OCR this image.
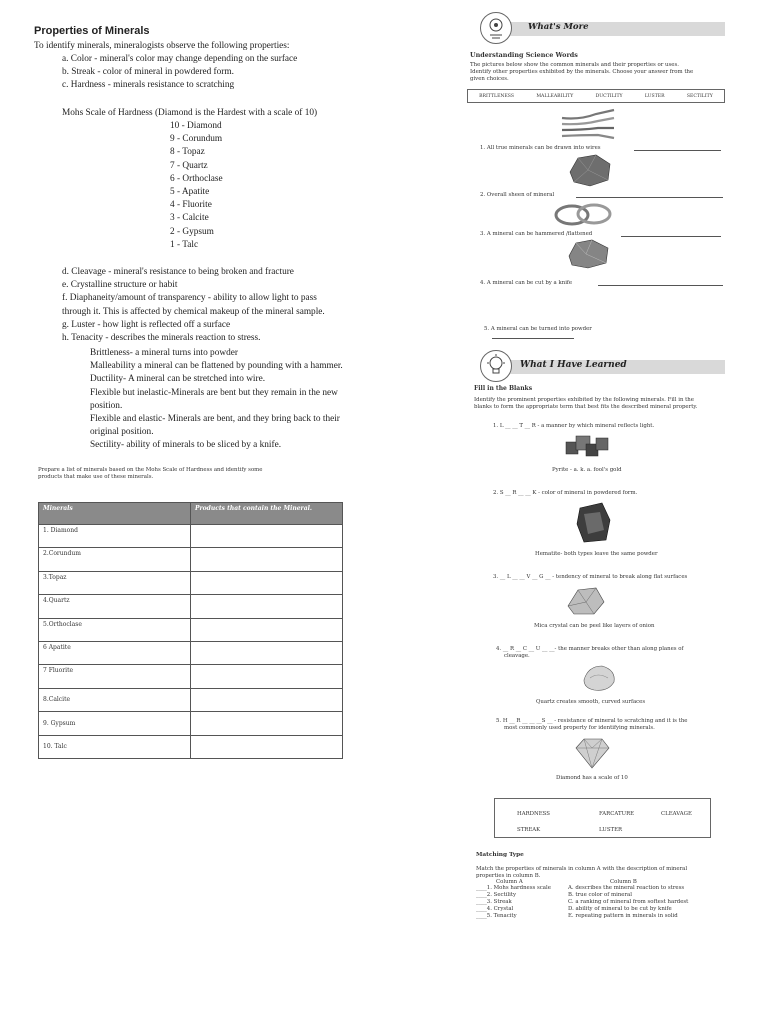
Properties of Minerals
To identify minerals, mineralogists observe the following properties:
a. Color - mineral's color may change depending on the surface
b. Streak - color of mineral in powdered form.
c. Hardness - minerals resistance to scratching
Mohs Scale of Hardness (Diamond is the Hardest with a scale of 10)
10 - Diamond
9 - Corundum
8 - Topaz
7 - Quartz
6 - Orthoclase
5 - Apatite
4 - Fluorite
3 - Calcite
2 - Gypsum
1 - Talc
d. Cleavage - mineral's resistance to being broken and fracture
e. Crystalline structure or habit
f. Diaphaneity/amount of transparency - ability to allow light to pass
through it. This is affected by chemical makeup of the mineral sample.
g. Luster - how light is reflected off a surface
h. Tenacity - describes the minerals reaction to stress.
Brittleness- a mineral turns into powder
Malleability a mineral can be flattened by pounding with a hammer.
Ductility- A mineral can be stretched into wire.
Flexible but inelastic-Minerals are bent but they remain in the new
position.
Flexible and elastic- Minerals are bent, and they bring back to their
original position.
Sectility- ability of minerals to be sliced by a knife.
Prepare a list of minerals based on the Mohs Scale of Hardness and identify some
products that make use of these minerals.
Minerals	Products that contain the Mineral.
1. Diamond	
2.Corundum	
3.Topaz	
4.Quartz	
5.Orthoclase	
6 Apatite	
7 Fluorite	
8.Calcite	
9. Gypsum	
10. Talc	
What's More
Understanding Science Words
The pictures below show the common minerals and their properties or uses.
Identify other properties exhibited by the minerals. Choose your answer from the
given choices.
BRITTLENESS	MALLEABILITY	DUCTILITY	LUSTER	SECTILITY
1. All true minerals can be drawn into wires
2. Overall sheen of mineral
3. A mineral can be hammered /flattened
4. A mineral can be cut by a knife
5. A mineral can be turned into powder
What I Have Learned
Fill in the Blanks
Identify the prominent properties exhibited by the following minerals. Fill in the
blanks to form the appropriate term that best fits the described mineral property.
1. L __ __ T __ R - a manner by which mineral reflects light.
Pyrite - a. k. a. fool's gold
2. S __ R __ __ K - color of mineral in powdered form.
Hematite- both types leave the same powder
3. __ L __ __ V __ G __ - tendency of mineral to break along flat surfaces
Mica crystal can be peel like layers of onion
4. __ R __ C __ U __ __- the manner breaks other than along planes of
cleavage.
Quartz creates smooth, curved surfaces
5. H __ R __ __ __S __ - resistance of mineral to scratching and it is the
most commonly used property for identifying minerals.
Diamond has a scale of 10
HARDNESS	FARCATURE	CLEAVAGE
STREAK	LUSTER
Matching Type
Match the properties of minerals in column A with the description of mineral
properties in column B.
Column A	Column B
____1. Mohs hardness scale
____2. Sectility
____3. Streak
____4. Crystal
____5. Tenacity
A. describes the mineral reaction to stress
B. true color of mineral
C. a ranking of mineral from softest hardest
D. ability of mineral to be cut by knife
E. repeating pattern in minerals in solid
